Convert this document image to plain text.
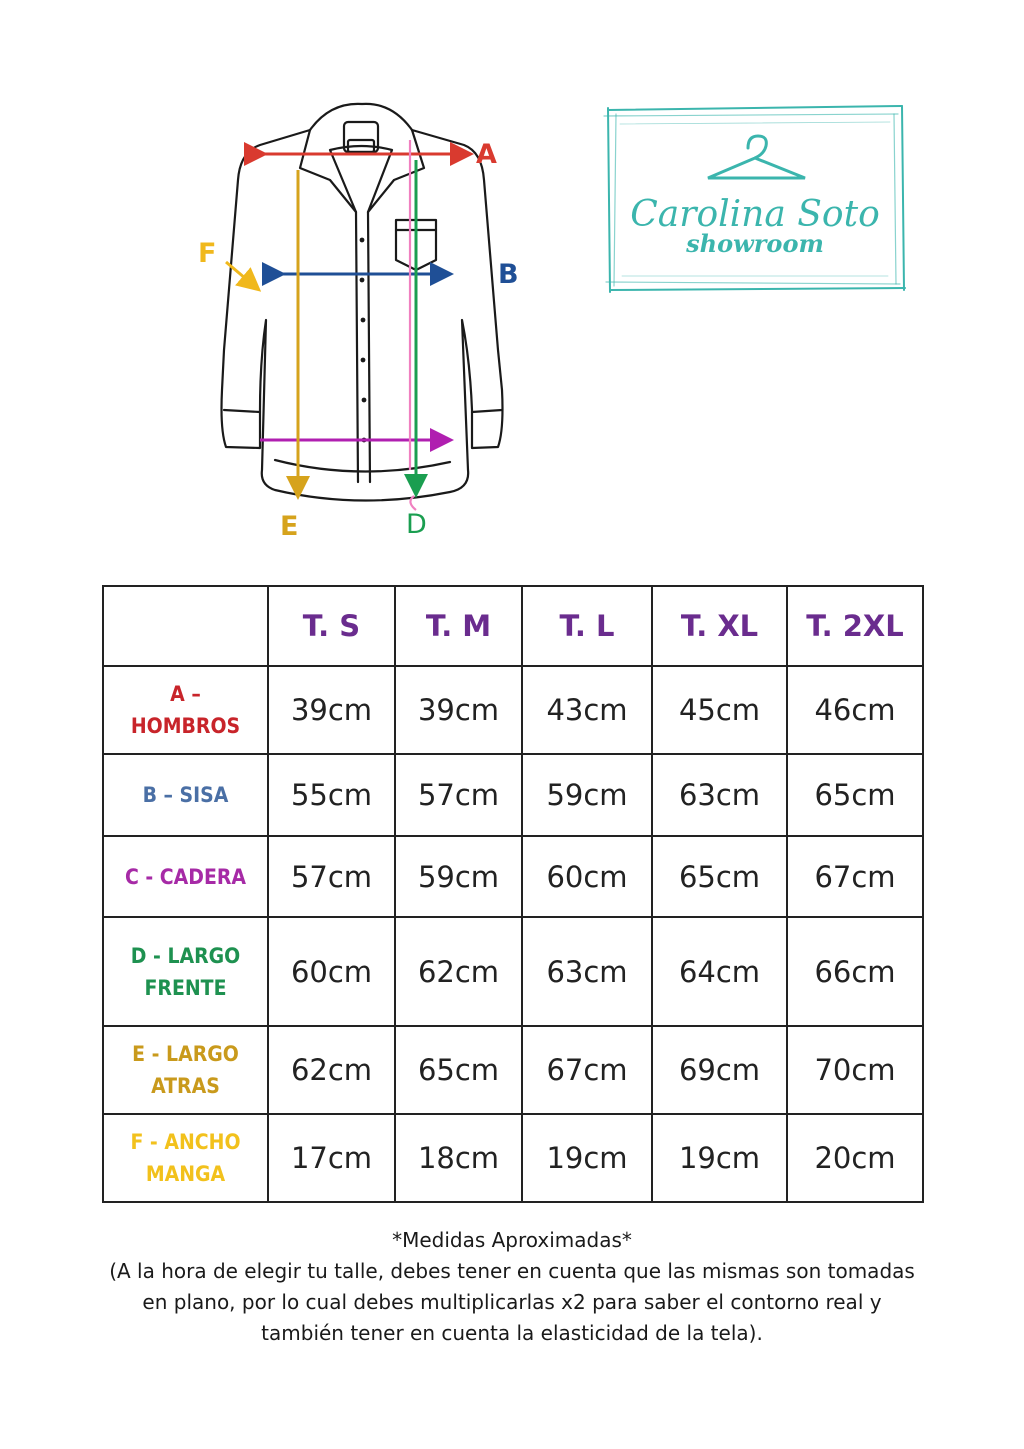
A
B
F
E	D
Carolina Soto
showroom
	T. S	T. M	T. L	T. XL	T. 2XL

A –
HOMBROS	39cm	39cm	43cm	45cm	46cm

B – SISA	55cm	57cm	59cm	63cm	65cm

C - CADERA	57cm	59cm	60cm	65cm	67cm

D - LARGO
FRENTE	60cm	62cm	63cm	64cm	66cm

E - LARGO
ATRAS	62cm	65cm	67cm	69cm	70cm

F - ANCHO
MANGA	17cm	18cm	19cm	19cm	20cm
*Medidas Aproximadas*
(A la hora de elegir tu talle, debes tener en cuenta que las mismas son tomadas
en plano, por lo cual debes multiplicarlas x2 para saber el contorno real y
también tener en cuenta la elasticidad de la tela).
